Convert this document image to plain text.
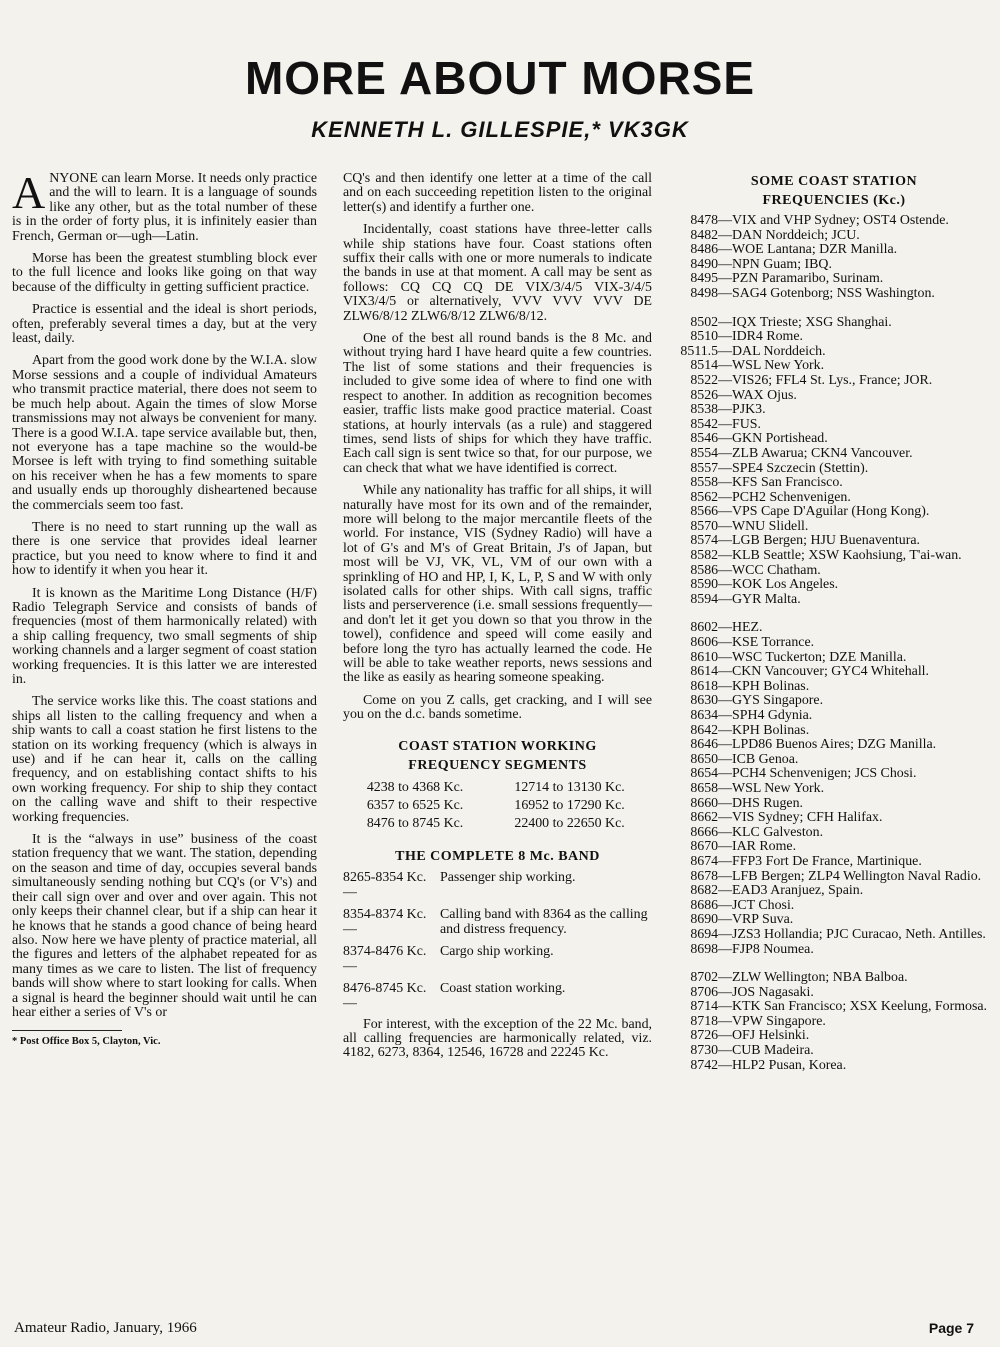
MORE ABOUT MORSE
KENNETH L. GILLESPIE,* VK3GK

ANYONE can learn Morse. It needs only practice and the will to learn. It is a language of sounds like any other, but as the total number of these is in the order of forty plus, it is infinitely easier than French, German or—ugh—Latin.

Morse has been the greatest stumbling block ever to the full licence and looks like going on that way because of the difficulty in getting sufficient practice.

Practice is essential and the ideal is short periods, often, preferably several times a day, but at the very least, daily.

Apart from the good work done by the W.I.A. slow Morse sessions and a couple of individual Amateurs who transmit practice material, there does not seem to be much help about. Again the times of slow Morse transmissions may not always be convenient for many. There is a good W.I.A. tape service available but, then, not everyone has a tape machine so the would-be Morsee is left with trying to find something suitable on his receiver when he has a few moments to spare and usually ends up thoroughly disheartened because the commercials seem too fast.

There is no need to start running up the wall as there is one service that provides ideal learner practice, but you need to know where to find it and how to identify it when you hear it.

It is known as the Maritime Long Distance (H/F) Radio Telegraph Service and consists of bands of frequencies (most of them harmonically related) with a ship calling frequency, two small segments of ship working channels and a larger segment of coast station working frequencies. It is this latter we are interested in.

The service works like this. The coast stations and ships all listen to the calling frequency and when a ship wants to call a coast station he first listens to the station on its working frequency (which is always in use) and if he can hear it, calls on the calling frequency, and on establishing contact shifts to his own working frequency. For ship to ship they contact on the calling wave and shift to their respective working frequencies.

It is the “always in use” business of the coast station frequency that we want. The station, depending on the season and time of day, occupies several bands simultaneously sending nothing but CQ's (or V's) and their call sign over and over and over again. This not only keeps their channel clear, but if a ship can hear it he knows that he stands a good chance of being heard also. Now here we have plenty of practice material, all the figures and letters of the alphabet repeated for as many times as we care to listen. The list of frequency bands will show where to start looking for calls. When a signal is heard the beginner should wait until he can hear either a series of V's or

* Post Office Box 5, Clayton, Vic.

CQ's and then identify one letter at a time of the call and on each succeeding repetition listen to the original letter(s) and identify a further one.

Incidentally, coast stations have three-letter calls while ship stations have four. Coast stations often suffix their calls with one or more numerals to indicate the bands in use at that moment. A call may be sent as follows: CQ CQ CQ DE VIX/3/4/5 VIX-3/4/5 VIX3/4/5 or alternatively, VVV VVV VVV DE ZLW6/8/12 ZLW6/8/12 ZLW6/8/12.

One of the best all round bands is the 8 Mc. and without trying hard I have heard quite a few countries. The list of some stations and their frequencies is included to give some idea of where to find one with respect to another. In addition as recognition becomes easier, traffic lists make good practice material. Coast stations, at hourly intervals (as a rule) and staggered times, send lists of ships for which they have traffic. Each call sign is sent twice so that, for our purpose, we can check that what we have identified is correct.

While any nationality has traffic for all ships, it will naturally have most for its own and of the remainder, more will belong to the major mercantile fleets of the world. For instance, VIS (Sydney Radio) will have a lot of G's and M's of Great Britain, J's of Japan, but most will be VJ, VK, VL, VM of our own with a sprinkling of HO and HP, I, K, L, P, S and W with only isolated calls for other ships. With call signs, traffic lists and perserverence (i.e. small sessions frequently—and don't let it get you down so that you throw in the towel), confidence and speed will come easily and before long the tyro has actually learned the code. He will be able to take weather reports, news sessions and the like as easily as hearing someone speaking.

Come on you Z calls, get cracking, and I will see you on the d.c. bands sometime.

COAST STATION WORKING
FREQUENCY SEGMENTS
4238 to 4368 Kc.	12714 to 13130 Kc.
6357 to 6525 Kc.	16952 to 17290 Kc.
8476 to 8745 Kc.	22400 to 22650 Kc.
THE COMPLETE 8 Mc. BAND
8265-8354 Kc.—
Passenger ship working.
8354-8374 Kc.—
Calling band with 8364 as the calling and distress frequency.
8374-8476 Kc.—
Cargo ship working.
8476-8745 Kc.—
Coast station working.

For interest, with the exception of the 22 Mc. band, all calling frequencies are harmonically related, viz. 4182, 6273, 8364, 12546, 16728 and 22245 Kc.

SOME COAST STATION
FREQUENCIES (Kc.)
8478— VIX and VHP Sydney; OST4 Ostende.
8482— DAN Norddeich; JCU.
8486— WOE Lantana; DZR Manilla.
8490— NPN Guam; IBQ.
8495— PZN Paramaribo, Surinam.
8498— SAG4 Gotenborg; NSS Washington.
8502— IQX Trieste; XSG Shanghai.
8510— IDR4 Rome.
8511.5— DAL Norddeich.
8514— WSL New York.
8522— VIS26; FFL4 St. Lys., France; JOR.
8526— WAX Ojus.
8538— PJK3.
8542— FUS.
8546— GKN Portishead.
8554— ZLB Awarua; CKN4 Vancouver.
8557— SPE4 Szczecin (Stettin).
8558— KFS San Francisco.
8562— PCH2 Schenvenigen.
8566— VPS Cape D'Aguilar (Hong Kong).
8570— WNU Slidell.
8574— LGB Bergen; HJU Buenaventura.
8582— KLB Seattle; XSW Kaohsiung, T'ai-wan.
8586— WCC Chatham.
8590— KOK Los Angeles.
8594— GYR Malta.
8602— HEZ.
8606— KSE Torrance.
8610— WSC Tuckerton; DZE Manilla.
8614— CKN Vancouver; GYC4 Whitehall.
8618— KPH Bolinas.
8630— GYS Singapore.
8634— SPH4 Gdynia.
8642— KPH Bolinas.
8646— LPD86 Buenos Aires; DZG Manilla.
8650— ICB Genoa.
8654— PCH4 Schenvenigen; JCS Chosi.
8658— WSL New York.
8660— DHS Rugen.
8662— VIS Sydney; CFH Halifax.
8666— KLC Galveston.
8670— IAR Rome.
8674— FFP3 Fort De France, Martinique.
8678— LFB Bergen; ZLP4 Wellington Naval Radio.
8682— EAD3 Aranjuez, Spain.
8686— JCT Chosi.
8690— VRP Suva.
8694— JZS3 Hollandia; PJC Curacao, Neth. Antilles.
8698— FJP8 Noumea.
8702— ZLW Wellington; NBA Balboa.
8706— JOS Nagasaki.
8714— KTK San Francisco; XSX Keelung, Formosa.
8718— VPW Singapore.
8726— OFJ Helsinki.
8730— CUB Madeira.
8742— HLP2 Pusan, Korea.
Amateur Radio, January, 1966	Page 7
